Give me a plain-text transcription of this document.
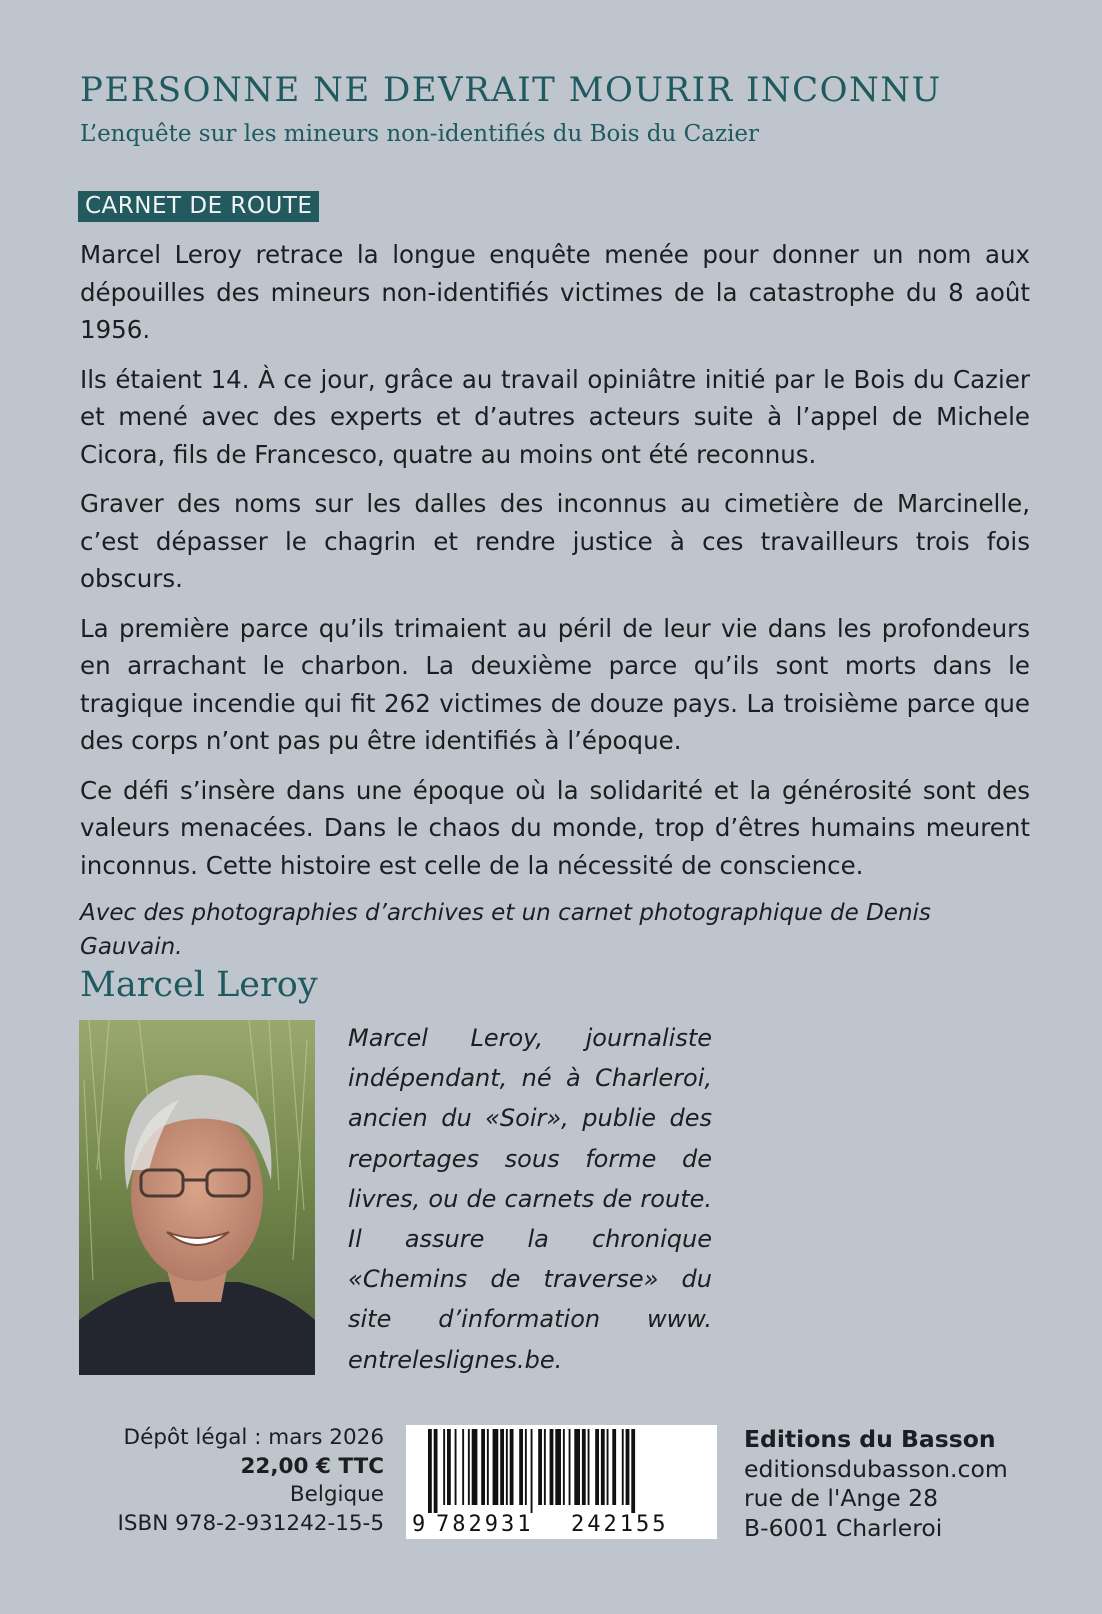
PERSONNE NE DEVRAIT MOURIR INCONNU
L’enquête sur les mineurs non-identifiés du Bois du Cazier
CARNET DE ROUTE

Marcel Leroy retrace la longue enquête menée pour donner un nom aux dépouilles des mineurs non-identifiés victimes de la catastrophe du 8 août 1956.

Ils étaient 14. À ce jour, grâce au travail opiniâtre initié par le Bois du Cazier et mené avec des experts et d’autres acteurs suite à l’appel de Michele Cicora, fils de Francesco, quatre au moins ont été reconnus.

Graver des noms sur les dalles des inconnus au cimetière de Marcinelle, c’est dépasser le chagrin et rendre justice à ces travailleurs trois fois obscurs.

La première parce qu’ils trimaient au péril de leur vie dans les profondeurs en arrachant le charbon. La deuxième parce qu’ils sont morts dans le tragique incendie qui fit 262 victimes de douze pays. La troisième parce que des corps n’ont pas pu être identifiés à l’époque.

Ce défi s’insère dans une époque où la solidarité et la générosité sont des valeurs menacées. Dans le chaos du monde, trop d’êtres humains meurent inconnus. Cette histoire est celle de la nécessité de conscience.

Avec des photographies d’archives et un carnet photographique de Denis Gauvain.

Marcel Leroy

Marcel Leroy, journaliste indépendant, né à Charleroi, ancien du «Soir», publie des reportages sous forme de livres, ou de carnets de route. Il assure la chronique «Chemins de traverse» du site d’information www. entreleslignes.be.

Dépôt légal : mars 2026
22,00 € TTC
Belgique
ISBN 978-2-931242-15-5 9 782931 242155
Editions du Basson
editionsdubasson.com
rue de l'Ange 28
B-6001 Charleroi
